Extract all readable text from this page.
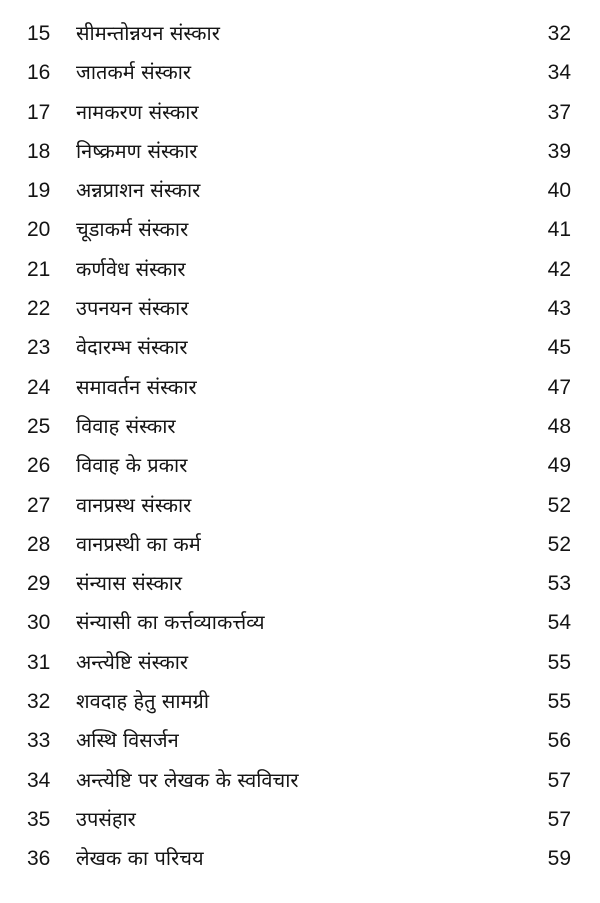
15 सीमन्तोन्नयन संस्कार	32
16 जातकर्म संस्कार	34
17 नामकरण संस्कार	37
18 निष्क्रमण संस्कार	39
19 अन्नप्राशन संस्कार	40
20 चूडाकर्म संस्कार	41
21 कर्णवेध संस्कार	42
22 उपनयन संस्कार	43
23 वेदारम्भ संस्कार	45
24 समावर्तन संस्कार	47
25 विवाह संस्कार	48
26 विवाह के प्रकार	49
27 वानप्रस्थ संस्कार	52
28 वानप्रस्थी का कर्म	52
29 संन्यास संस्कार	53
30 संन्यासी का कर्त्तव्याकर्त्तव्य	54
31 अन्त्येष्टि संस्कार	55
32 शवदाह हेतु सामग्री	55
33 अस्थि विसर्जन	56
34 अन्त्येष्टि पर लेखक के स्वविचार	57
35 उपसंहार	57
36 लेखक का परिचय	59
